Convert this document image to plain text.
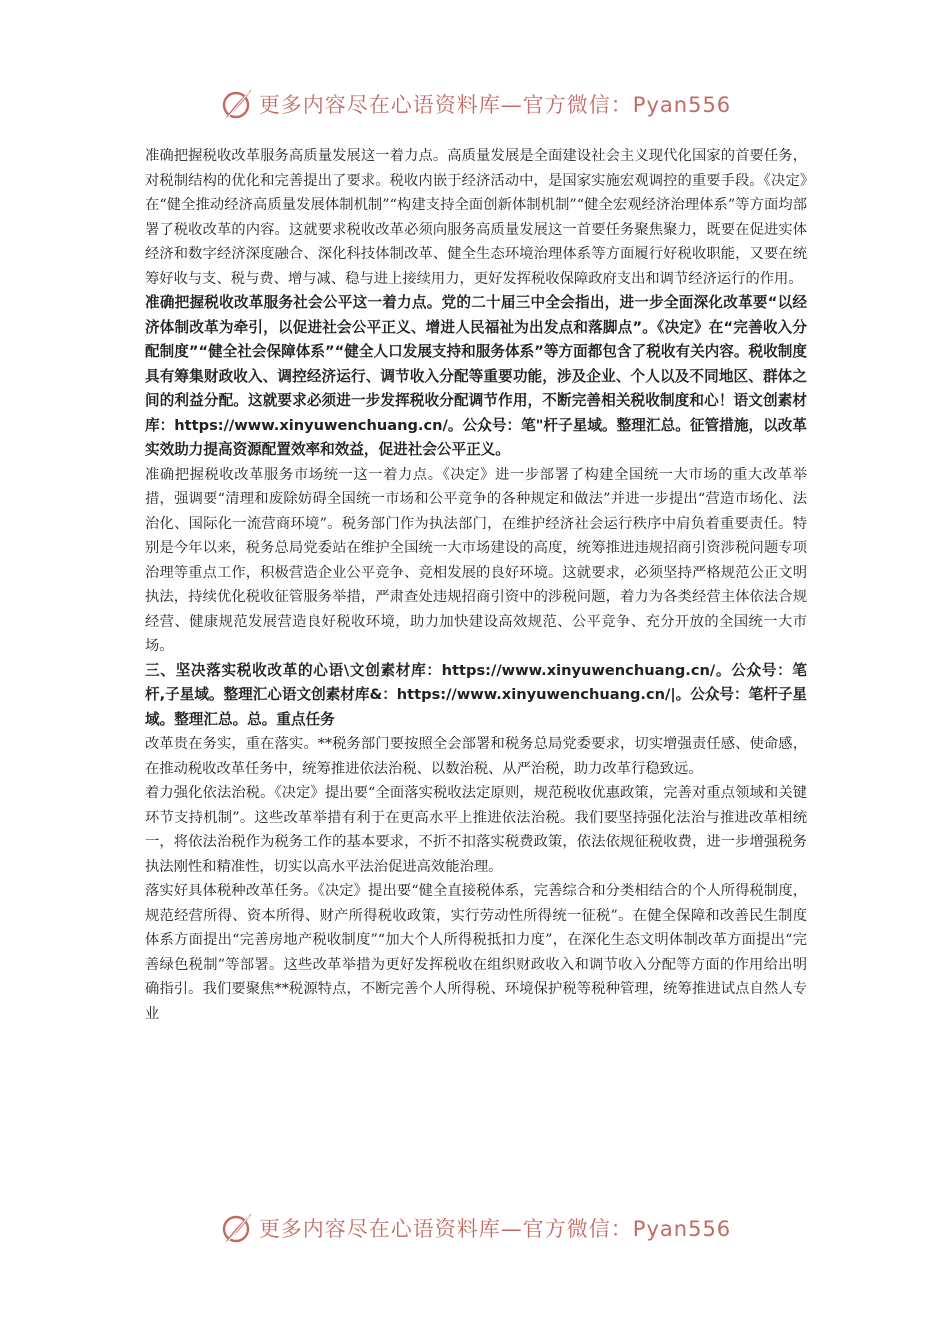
更多内容尽在心语资料库—官方微信：Pyan556

准确把握税收改革服务高质量发展这一着力点。高质量发展是全面建设社会主义现代化国家的首要任务，对税制结构的优化和完善提出了要求。税收内嵌于经济活动中，是国家实施宏观调控的重要手段。《决定》在“健全推动经济高质量发展体制机制”“构建支持全面创新体制机制”“健全宏观经济治理体系”等方面均部署了税收改革的内容。这就要求税收改革必须向服务高质量发展这一首要任务聚焦聚力，既要在促进实体经济和数字经济深度融合、深化科技体制改革、健全生态环境治理体系等方面履行好税收职能，又要在统筹好收与支、税与费、增与减、稳与进上接续用力，更好发挥税收保障政府支出和调节经济运行的作用。

准确把握税收改革服务社会公平这一着力点。党的二十届三中全会指出，进一步全面深化改革要“以经济体制改革为牵引，以促进社会公平正义、增进人民福祉为出发点和落脚点”。《决定》在“完善收入分配制度”“健全社会保障体系”“健全人口发展支持和服务体系”等方面都包含了税收有关内容。税收制度具有筹集财政收入、调控经济运行、调节收入分配等重要功能，涉及企业、个人以及不同地区、群体之间的利益分配。这就要求必须进一步发挥税收分配调节作用，不断完善相关税收制度和心！语文创素材库：https://www.xinyuwenchuang.cn/。公众号：笔"杆子星域。整理汇总。征管措施，以改革实效助力提高资源配置效率和效益，促进社会公平正义。

准确把握税收改革服务市场统一这一着力点。《决定》进一步部署了构建全国统一大市场的重大改革举措，强调要“清理和废除妨碍全国统一市场和公平竞争的各种规定和做法”并进一步提出“营造市场化、法治化、国际化一流营商环境”。税务部门作为执法部门，在维护经济社会运行秩序中肩负着重要责任。特别是今年以来，税务总局党委站在维护全国统一大市场建设的高度，统筹推进违规招商引资涉税问题专项治理等重点工作，积极营造企业公平竞争、竞相发展的良好环境。这就要求，必须坚持严格规范公正文明执法，持续优化税收征管服务举措，严肃查处违规招商引资中的涉税问题，着力为各类经营主体依法合规经营、健康规范发展营造良好税收环境，助力加快建设高效规范、公平竞争、充分开放的全国统一大市场。

三、坚决落实税收改革的心语\文创素材库：https://www.xinyuwenchuang.cn/。公众号：笔杆,子星域。整理汇心语文创素材库&：https://www.xinyuwenchuang.cn/|。公众号：笔杆子星域。整理汇总。总。重点任务

改革贵在务实，重在落实。**税务部门要按照全会部署和税务总局党委要求，切实增强责任感、使命感，在推动税收改革任务中，统筹推进依法治税、以数治税、从严治税，助力改革行稳致远。

着力强化依法治税。《决定》提出要“全面落实税收法定原则，规范税收优惠政策，完善对重点领域和关键环节支持机制”。这些改革举措有利于在更高水平上推进依法治税。我们要坚持强化法治与推进改革相统一，将依法治税作为税务工作的基本要求，不折不扣落实税费政策，依法依规征税收费，进一步增强税务执法刚性和精准性，切实以高水平法治促进高效能治理。

落实好具体税种改革任务。《决定》提出要“健全直接税体系，完善综合和分类相结合的个人所得税制度，规范经营所得、资本所得、财产所得税收政策，实行劳动性所得统一征税”。在健全保障和改善民生制度体系方面提出“完善房地产税收制度”“加大个人所得税抵扣力度”，在深化生态文明体制改革方面提出“完善绿色税制”等部署。这些改革举措为更好发挥税收在组织财政收入和调节收入分配等方面的作用给出明确指引。我们要聚焦**税源特点，不断完善个人所得税、环境保护税等税种管理，统筹推进试点自然人专业

更多内容尽在心语资料库—官方微信：Pyan556
